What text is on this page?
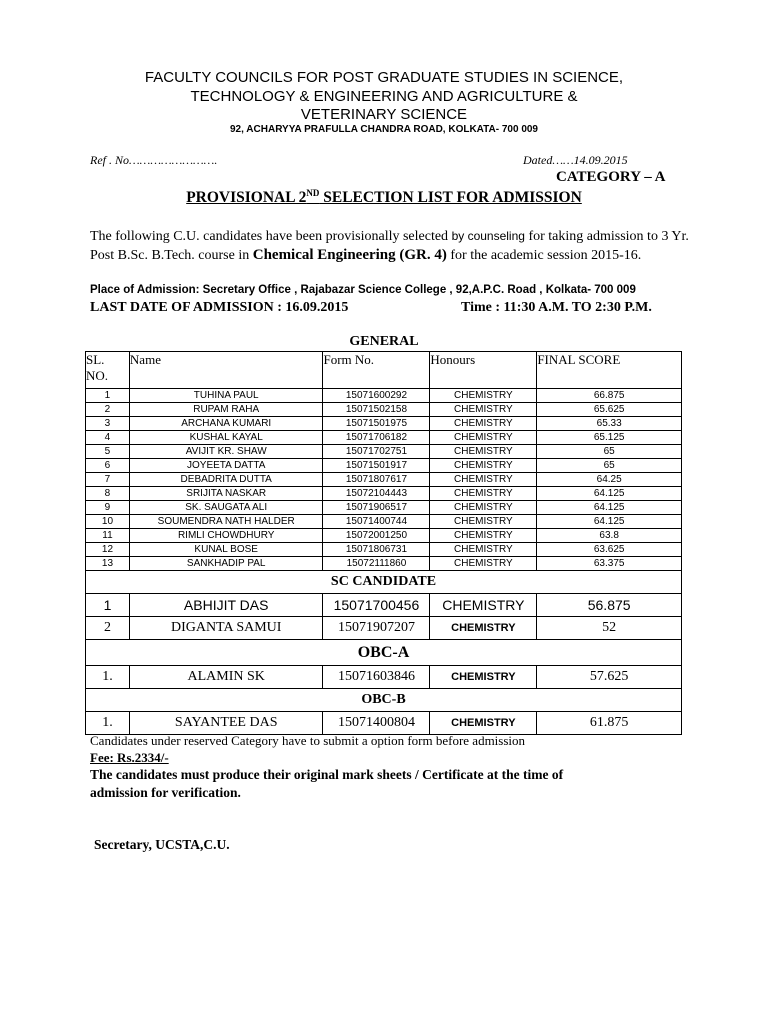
FACULTY COUNCILS FOR POST GRADUATE STUDIES IN SCIENCE,
TECHNOLOGY & ENGINEERING AND AGRICULTURE &
VETERINARY SCIENCE
92, ACHARYYA PRAFULLA CHANDRA ROAD, KOLKATA- 700 009
Ref . No…………………….	Dated……14.09.2015
CATEGORY – A
PROVISIONAL 2ND SELECTION LIST FOR ADMISSION
The following C.U. candidates have been provisionally selected by counseling for taking admission to 3 Yr. Post B.Sc. B.Tech. course in Chemical Engineering (GR. 4) for the academic session 2015-16.
Place of Admission: Secretary Office , Rajabazar Science College , 92,A.P.C. Road , Kolkata- 700 009
LAST DATE OF ADMISSION : 16.09.2015	Time : 11:30 A.M. TO 2:30 P.M.
GENERAL
SL. NO.	Name	Form No.	Honours	FINAL SCORE
1	TUHINA PAUL	15071600292	CHEMISTRY	66.875
2	RUPAM RAHA	15071502158	CHEMISTRY	65.625
3	ARCHANA KUMARI	15071501975	CHEMISTRY	65.33
4	KUSHAL KAYAL	15071706182	CHEMISTRY	65.125
5	AVIJIT KR. SHAW	15071702751	CHEMISTRY	65
6	JOYEETA DATTA	15071501917	CHEMISTRY	65
7	DEBADRITA DUTTA	15071807617	CHEMISTRY	64.25
8	SRIJITA NASKAR	15072104443	CHEMISTRY	64.125
9	SK. SAUGATA ALI	15071906517	CHEMISTRY	64.125
10	SOUMENDRA NATH HALDER	15071400744	CHEMISTRY	64.125
11	RIMLI CHOWDHURY	15072001250	CHEMISTRY	63.8
12	KUNAL BOSE	15071806731	CHEMISTRY	63.625
13	SANKHADIP PAL	15072111860	CHEMISTRY	63.375
SC CANDIDATE				
1	ABHIJIT DAS	15071700456	CHEMISTRY	56.875
2	DIGANTA SAMUI	15071907207	CHEMISTRY	52
OBC-A				
1.	ALAMIN SK	15071603846	CHEMISTRY	57.625
OBC-B				
1.	SAYANTEE DAS	15071400804	CHEMISTRY	61.875
Candidates under reserved Category have to submit a option form before admission
Fee: Rs.2334/-
The candidates must produce their original mark sheets / Certificate at the time of
admission for verification.
Secretary, UCSTA,C.U.
